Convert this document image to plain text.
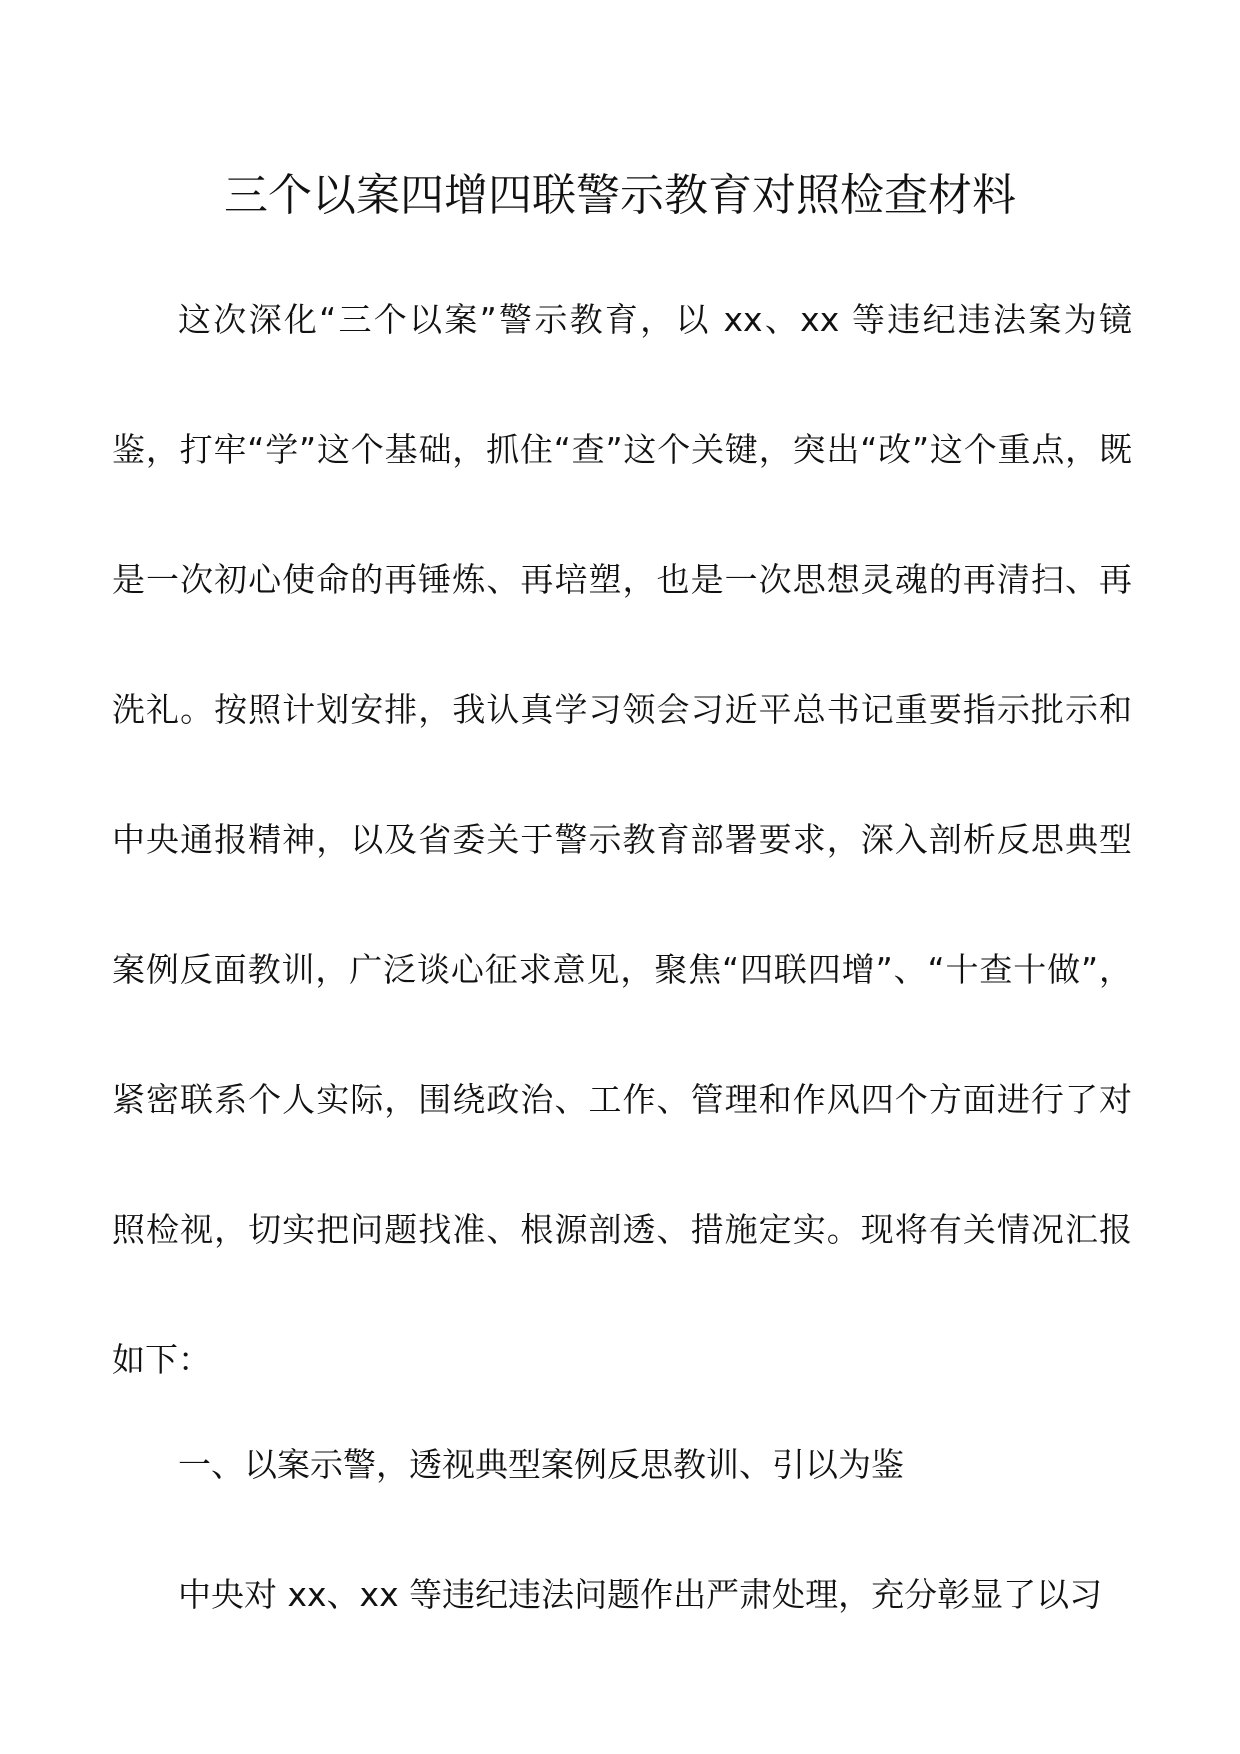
三个以案四增四联警示教育对照检查材料

这次深化“三个以案”警示教育，以 xx、xx 等违纪违法案为镜鉴，打牢“学”这个基础，抓住“查”这个关键，突出“改”这个重点，既是一次初心使命的再锤炼、再培塑，也是一次思想灵魂的再清扫、再洗礼。按照计划安排，我认真学习领会习近平总书记重要指示批示和中央通报精神，以及省委关于警示教育部署要求，深入剖析反思典型案例反面教训，广泛谈心征求意见，聚焦“四联四增”、“十查十做”，紧密联系个人实际，围绕政治、工作、管理和作风四个方面进行了对照检视，切实把问题找准、根源剖透、措施定实。现将有关情况汇报如下：

一、以案示警，透视典型案例反思教训、引以为鉴

中央对 xx、xx 等违纪违法问题作出严肃处理，充分彰显了以习
